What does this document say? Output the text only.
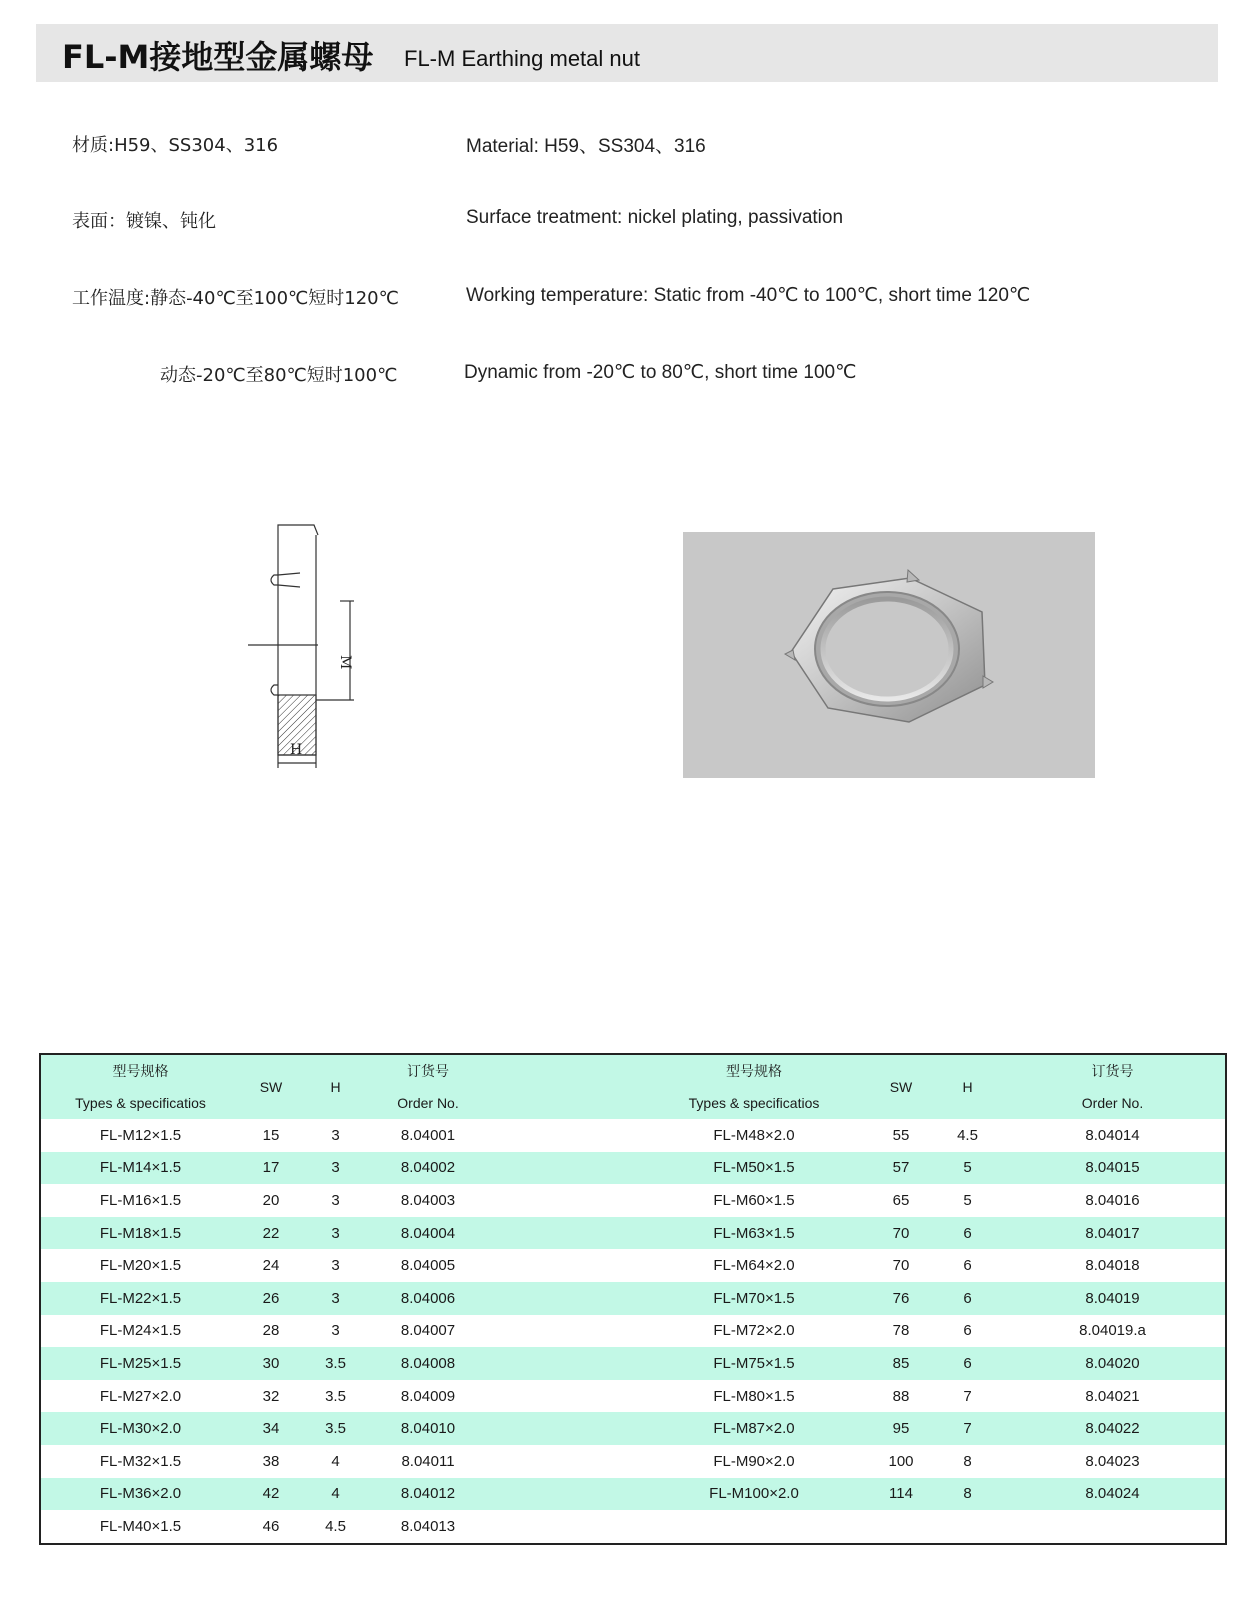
FL-M接地型金属螺母 FL-M Earthing metal nut
材质:H59、SS304、316	Material: H59、SS304、316
表面：镀镍、钝化	Surface treatment: nickel plating, passivation
工作温度:静态-40℃至100℃短时120℃	Working temperature: Static from -40℃ to 100℃, short time 120℃
动态-20℃至80℃短时100℃	Dynamic from -20℃ to 80℃, short time 100℃
M
H
型号规格	SW	H	订货号		型号规格	SW	H	订货号
Types & specificatios			Order No.		Types & specificatios			Order No.
FL-M12×1.5	15	3	8.04001		FL-M48×2.0	55	4.5	8.04014
FL-M14×1.5	17	3	8.04002		FL-M50×1.5	57	5	8.04015
FL-M16×1.5	20	3	8.04003		FL-M60×1.5	65	5	8.04016
FL-M18×1.5	22	3	8.04004		FL-M63×1.5	70	6	8.04017
FL-M20×1.5	24	3	8.04005		FL-M64×2.0	70	6	8.04018
FL-M22×1.5	26	3	8.04006		FL-M70×1.5	76	6	8.04019
FL-M24×1.5	28	3	8.04007		FL-M72×2.0	78	6	8.04019.a
FL-M25×1.5	30	3.5	8.04008		FL-M75×1.5	85	6	8.04020
FL-M27×2.0	32	3.5	8.04009		FL-M80×1.5	88	7	8.04021
FL-M30×2.0	34	3.5	8.04010		FL-M87×2.0	95	7	8.04022
FL-M32×1.5	38	4	8.04011		FL-M90×2.0	100	8	8.04023
FL-M36×2.0	42	4	8.04012		FL-M100×2.0	114	8	8.04024
FL-M40×1.5	46	4.5	8.04013					
